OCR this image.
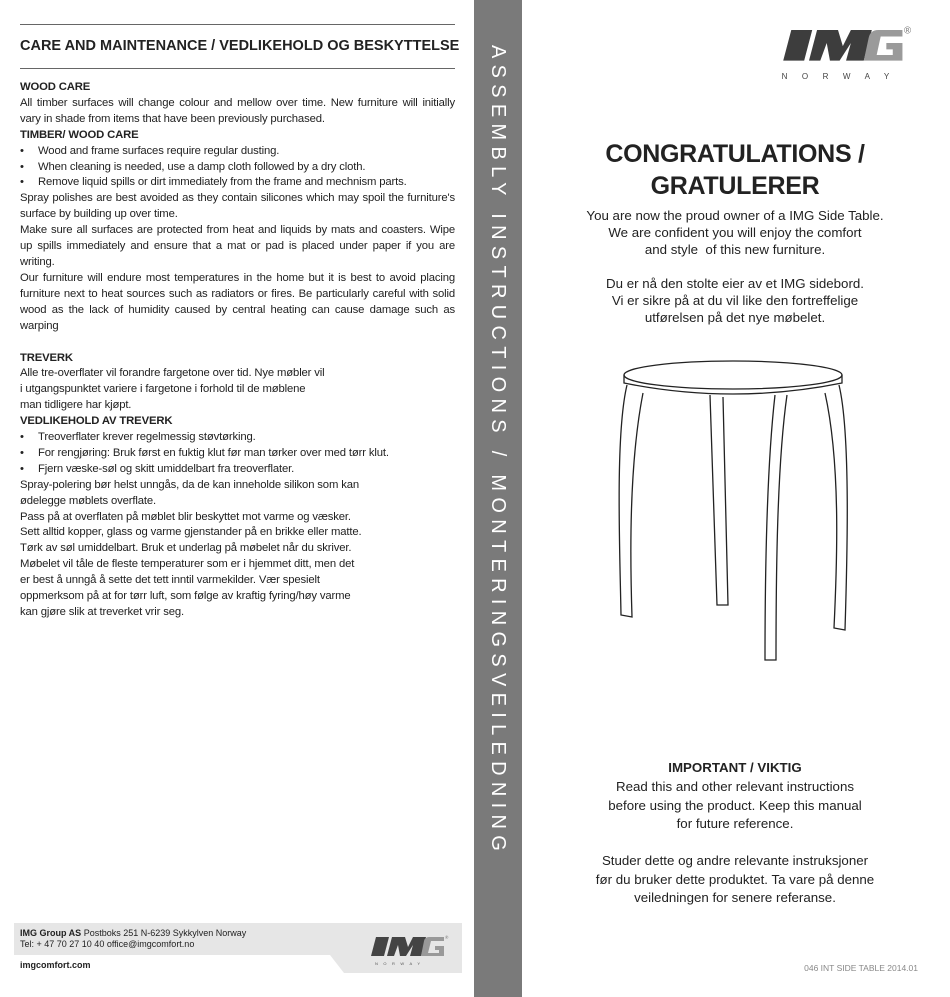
CARE AND MAINTENANCE / VEDLIKEHOLD OG BESKYTTELSE
WOOD CARE
All timber surfaces will change colour and mellow over time. New furniture will initially
vary in shade from items that have been previously purchased.
TIMBER/ WOOD CARE
• Wood and frame surfaces require regular dusting.
• When cleaning is needed, use a damp cloth followed by a dry cloth.
• Remove liquid spills or dirt immediately from the frame and mechnism parts.
Spray polishes are best avoided as they contain silicones which may spoil the furniture's
surface by building up over time.
Make sure all surfaces are protected from heat and liquids by mats and coasters. Wipe
up spills immediately and ensure that a mat or pad is placed under paper if you are
writing.
Our furniture will endure most temperatures in the home but it is best to avoid placing
furniture next to heat sources such as radiators or fires. Be particularly careful with solid
wood as the lack of humidity caused by central heating can cause damage such as
warping
TREVERK
Alle tre-overflater vil forandre fargetone over tid. Nye møbler vil
i utgangspunktet variere i fargetone i forhold til de møblene
man tidligere har kjøpt.
VEDLIKEHOLD AV TREVERK
• Treoverflater krever regelmessig støvtørking.
• For rengjøring: Bruk først en fuktig klut før man tørker over med tørr klut.
• Fjern væske-søl og skitt umiddelbart fra treoverflater.
Spray-polering bør helst unngås, da de kan inneholde silikon som kan
ødelegge møblets overflate.
Pass på at overflaten på møblet blir beskyttet mot varme og væsker.
Sett alltid kopper, glass og varme gjenstander på en brikke eller matte.
Tørk av søl umiddelbart. Bruk et underlag på møbelet når du skriver.
Møbelet vil tåle de fleste temperaturer som er i hjemmet ditt, men det
er best å unngå å sette det tett inntil varmekilder. Vær spesielt
oppmerksom på at for tørr luft, som følge av kraftig fyring/høy varme
kan gjøre slik at treverket vrir seg.
IMG Group AS Postboks 251 N-6239 Sykkylven Norway
Tel: + 47 70 27 10 40 office@imgcomfort.no
imgcomfort.com
®
NORWAY
ASSEMBLY INSTRUCTIONS / MONTERINGSVEILEDNING
®
NORWAY
CONGRATULATIONS /
GRATULERER
You are now the proud owner of a IMG Side Table.
We are confident you will enjoy the comfort
and style  of this new furniture.
Du er nå den stolte eier av et IMG sidebord.
Vi er sikre på at du vil like den fortreffelige
utførelsen på det nye møbelet.
IMPORTANT / VIKTIG
Read this and other relevant instructions
before using the product. Keep this manual
for future reference.
Studer dette og andre relevante instruksjoner
før du bruker dette produktet. Ta vare på denne
veiledningen for senere referanse.
046 INT SIDE TABLE 2014.01
